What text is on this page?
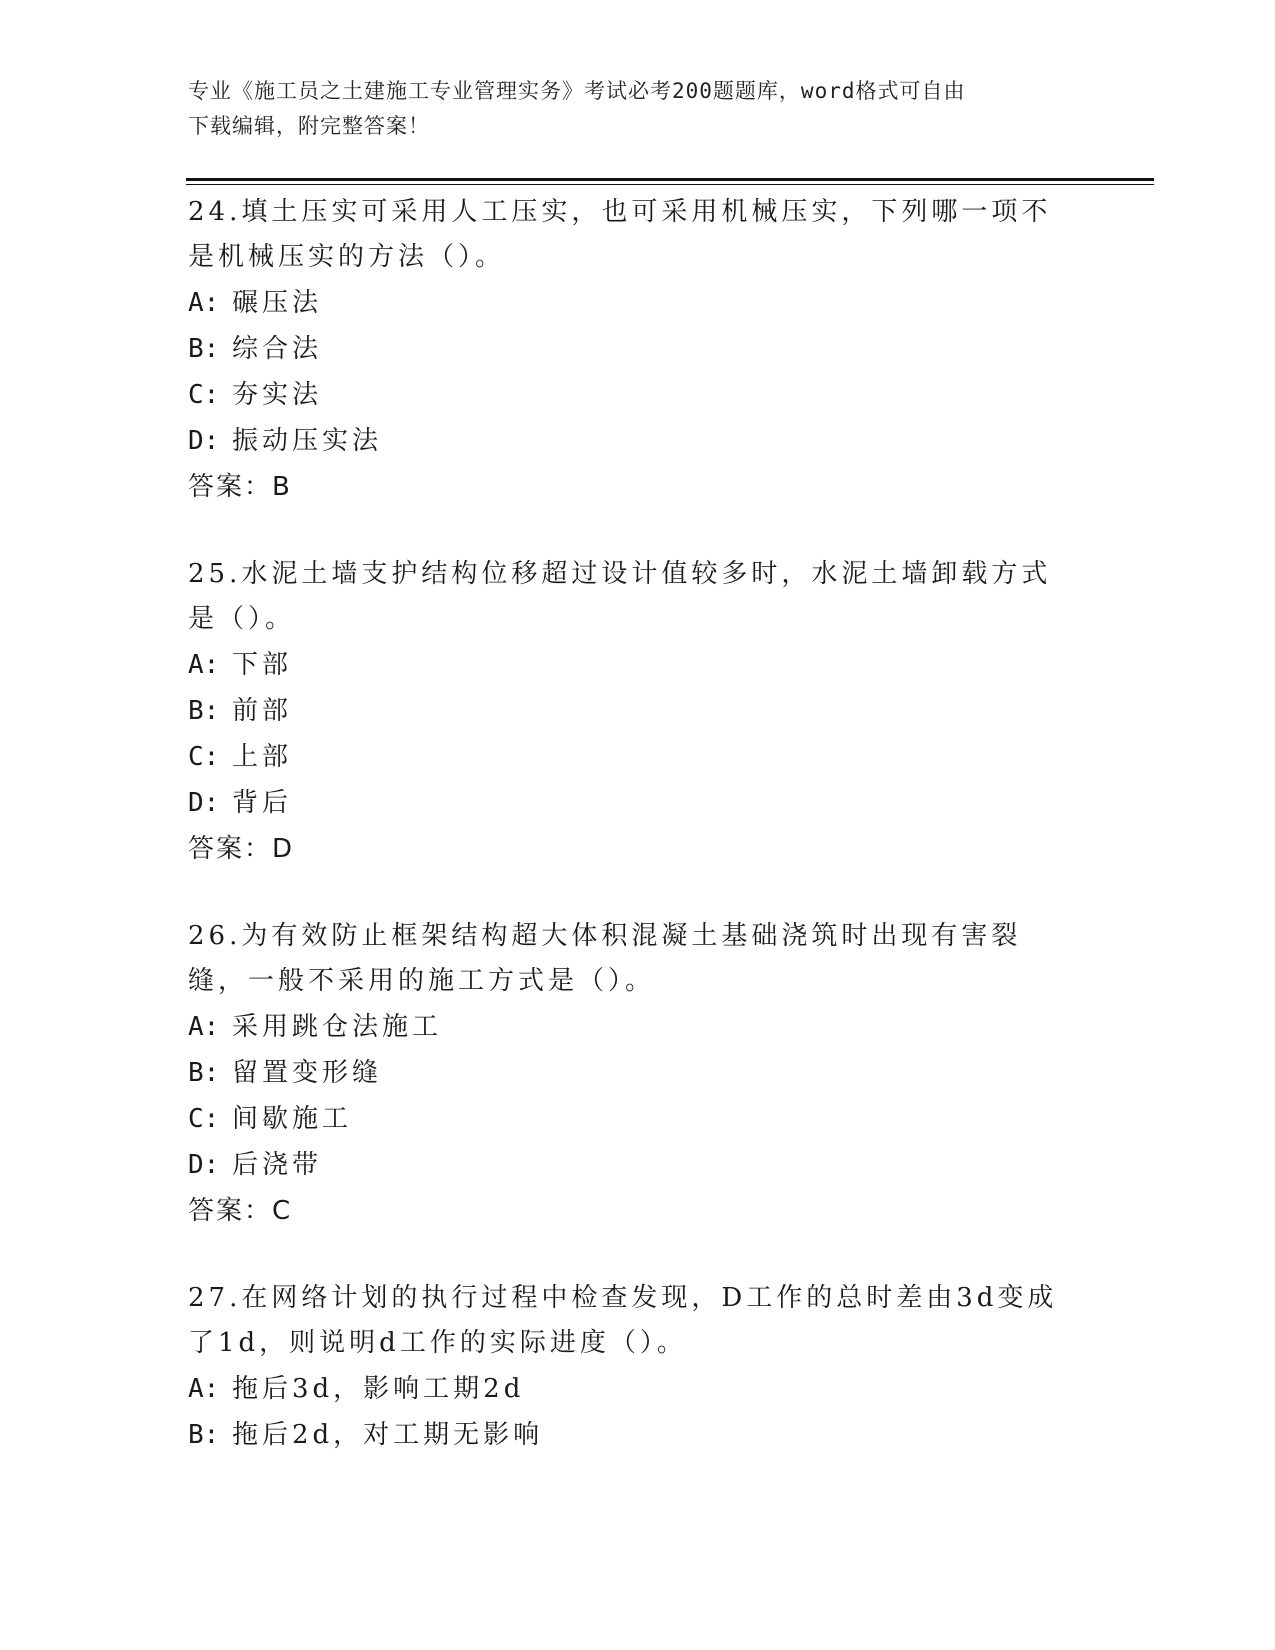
专业《施工员之土建施工专业管理实务》考试必考200题题库，word格式可自由
下载编辑，附完整答案！
24.填土压实可采用人工压实，也可采用机械压实，下列哪一项不是机械压实的方法（）。
A: 碾压法
B: 综合法
C: 夯实法
D: 振动压实法
答案：B
25.水泥土墙支护结构位移超过设计值较多时，水泥土墙卸载方式是（）。
A: 下部
B: 前部
C: 上部
D: 背后
答案：D
26.为有效防止框架结构超大体积混凝土基础浇筑时出现有害裂缝，一般不采用的施工方式是（）。
A: 采用跳仓法施工
B: 留置变形缝
C: 间歇施工
D: 后浇带
答案：C
27.在网络计划的执行过程中检查发现，D工作的总时差由3d变成了1d，则说明d工作的实际进度（）。
A: 拖后3d，影响工期2d
B: 拖后2d，对工期无影响
